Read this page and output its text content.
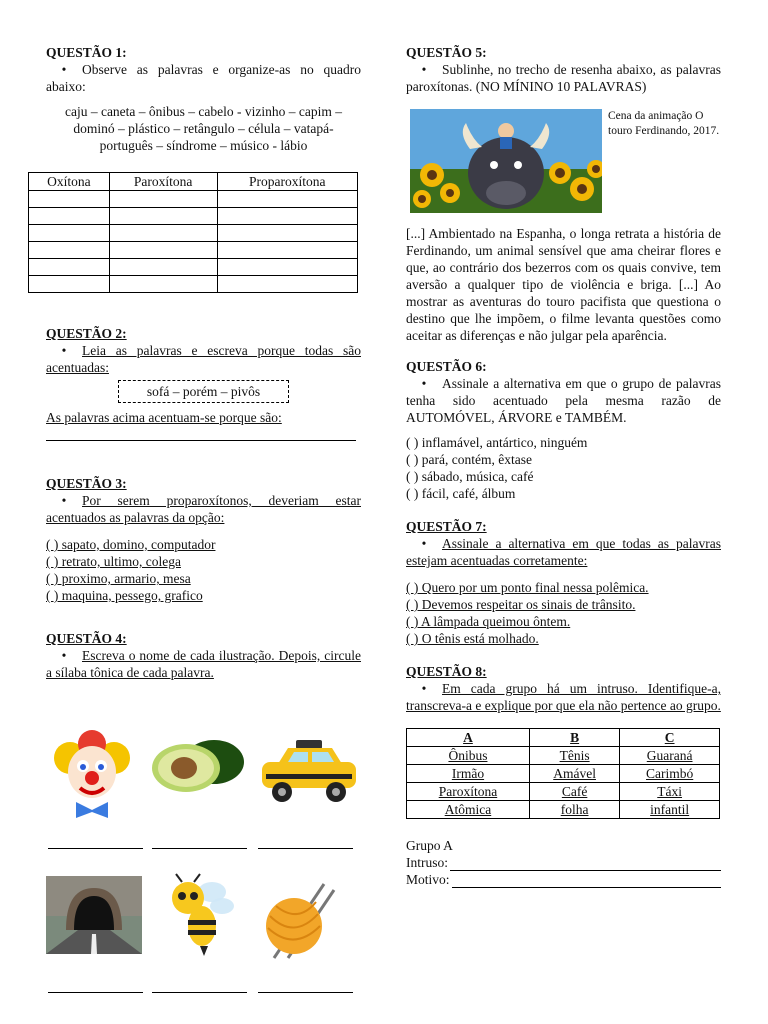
QUESTÃO 1:

• Observe as palavras e organize-as no quadro abaixo:

caju – caneta – ônibus – cabelo - vizinho – capim – dominó – plástico – retângulo – célula – vatapá- português – síndrome – músico - lábio

Oxítona	Paroxítona	Proparoxítona

QUESTÃO 2:

• Leia as palavras e escreva porque todas são acentuadas:

sofá – porém – pivôs

As palavras acima acentuam-se porque são:

QUESTÃO 3:

• Por serem proparoxítonos, deveriam estar acentuados as palavras da opção:

( ) sapato, domino, computador
( ) retrato, ultimo, colega
( ) proximo, armario, mesa
( ) maquina, pessego, grafico

QUESTÃO 4:

• Escreva o nome de cada ilustração. Depois, circule a sílaba tônica de cada palavra.

QUESTÃO 5:

• Sublinhe, no trecho de resenha abaixo, as palavras paroxítonas. (NO MÍNINO 10 PALAVRAS)

Cena da animação O touro Ferdinando, 2017.

[...] Ambientado na Espanha, o longa retrata a história de Ferdinando, um animal sensível que ama cheirar flores e que, ao contrário dos bezerros com os quais convive, tem aversão a qualquer tipo de violência e briga. [...] Ao mostrar as aventuras do touro pacifista que questiona o destino que lhe impõem, o filme levanta questões como aceitar as diferenças e não julgar pela aparência.

QUESTÃO 6:

• Assinale a alternativa em que o grupo de palavras tenha sido acentuado pela mesma razão de AUTOMÓVEL, ÁRVORE e TAMBÉM.

( ) inflamável, antártico, ninguém
( ) pará, contém, êxtase
( ) sábado, música, café
( ) fácil, café, álbum

QUESTÃO 7:

• Assinale a alternativa em que todas as palavras estejam acentuadas corretamente:

( ) Quero por um ponto final nessa polêmica.
( ) Devemos respeitar os sinais de trânsito.
( ) A lâmpada queimou ôntem.
( ) O tênis está molhado.

QUESTÃO 8:

• Em cada grupo há um intruso. Identifique-a, transcreva-a e explique por que ela não pertence ao grupo.

A	B	C
Ônibus	Tênis	Guaraná
Irmão	Amável	Carimbó
Paroxítona	Café	Táxi
Atômica	folha	infantil
Grupo A
Intruso:
Motivo:
